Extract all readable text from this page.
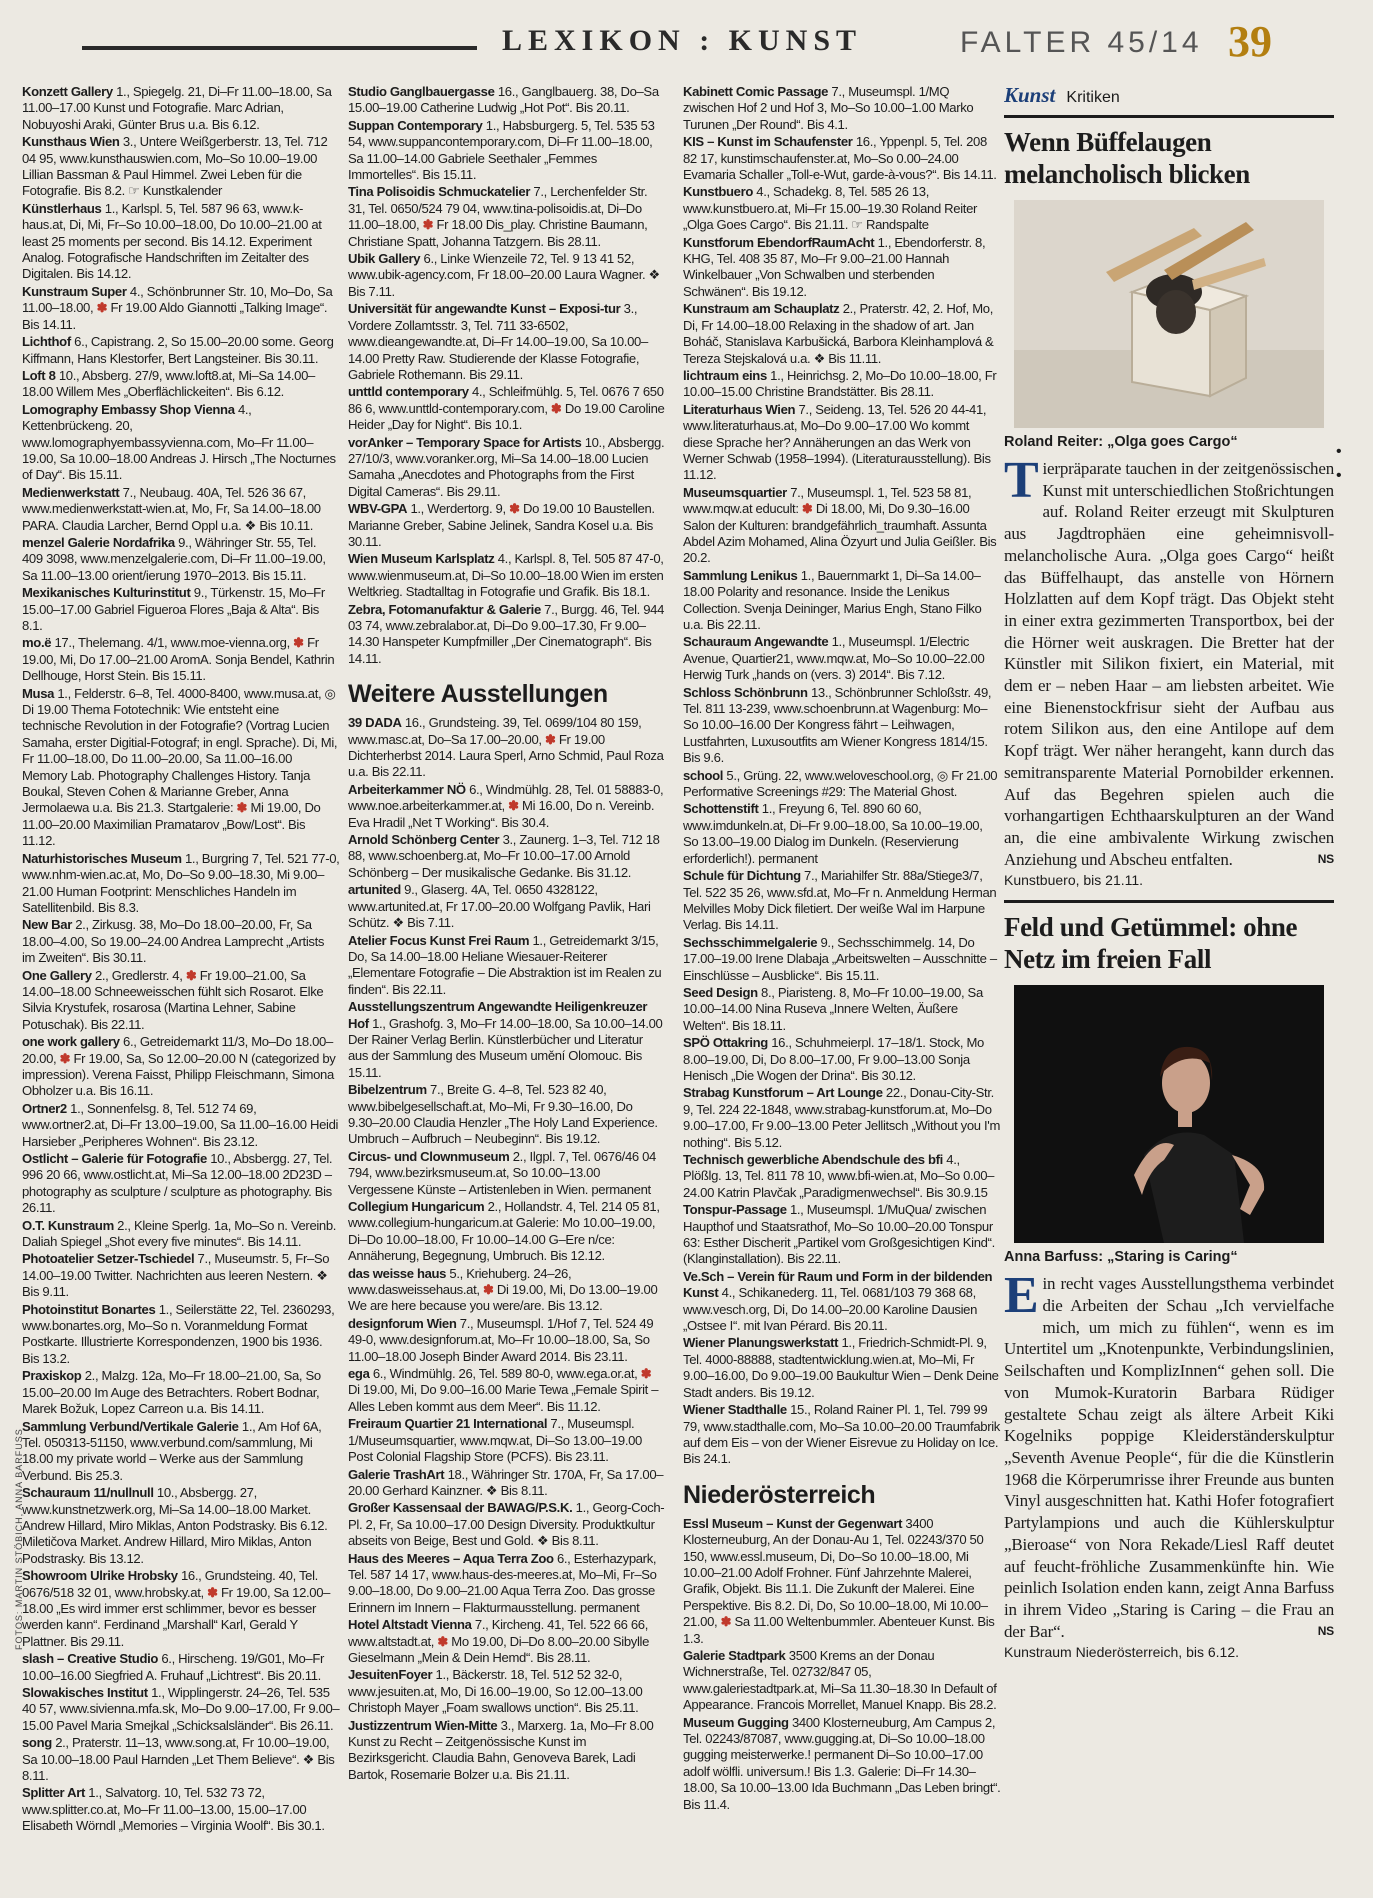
LEXIKON : KUNST	FALTER 45/14 39
Konzett Gallery 1., Spiegelg. 21, Di–Fr 11.00–18.00, Sa 11.00–17.00 Kunst und Fotografie. Marc Adrian, Nobuyoshi Araki, Günter Brus u.a. Bis 6.12.
Kunsthaus Wien 3., Untere Weißgerberstr. 13, Tel. 712 04 95, www.kunsthauswien.com, Mo–So 10.00–19.00 Lillian Bassman & Paul Himmel. Zwei Leben für die Fotografie. Bis 8.2. ☞ Kunstkalender
Künstlerhaus 1., Karlspl. 5, Tel. 587 96 63, www.k-haus.at, Di, Mi, Fr–So 10.00–18.00, Do 10.00–21.00 at least 25 moments per second. Bis 14.12. Experiment Analog. Fotografische Handschriften im Zeitalter des Digitalen. Bis 14.12.
Kunstraum Super 4., Schönbrunner Str. 10, Mo–Do, Sa 11.00–18.00, ✽ Fr 19.00 Aldo Giannotti „Talking Image“. Bis 14.11.
Lichthof 6., Capistrang. 2, So 15.00–20.00 some. Georg Kiffmann, Hans Klestorfer, Bert Langsteiner. Bis 30.11.
Loft 8 10., Absberg. 27/9, www.loft8.at, Mi–Sa 14.00–18.00 Willem Mes „Oberflächlickeiten“. Bis 6.12.
Lomography Embassy Shop Vienna 4., Kettenbrückeng. 20, www.lomographyembassyvienna.com, Mo–Fr 11.00–19.00, Sa 10.00–18.00 Andreas J. Hirsch „The Nocturnes of Day“. Bis 15.11.
Medienwerkstatt 7., Neubaug. 40A, Tel. 526 36 67, www.medienwerkstatt-wien.at, Mo, Fr, Sa 14.00–18.00 PARA. Claudia Larcher, Bernd Oppl u.a. ❖ Bis 10.11.
menzel Galerie Nordafrika 9., Währinger Str. 55, Tel. 409 3098, www.menzelgalerie.com, Di–Fr 11.00–19.00, Sa 11.00–13.00 orient/ierung 1970–2013. Bis 15.11.
Mexikanisches Kulturinstitut 9., Türkenstr. 15, Mo–Fr 15.00–17.00 Gabriel Figueroa Flores „Baja & Alta“. Bis 8.1.
mo.ë 17., Thelemang. 4/1, www.moe-vienna.org, ✽ Fr 19.00, Mi, Do 17.00–21.00 AromA. Sonja Bendel, Kathrin Dellhouge, Horst Stein. Bis 15.11.
Musa 1., Felderstr. 6–8, Tel. 4000-8400, www.musa.at, ◎ Di 19.00 Thema Fototechnik: Wie entsteht eine technische Revolution in der Fotografie? (Vortrag Lucien Samaha, erster Digitial-Fotograf; in engl. Sprache). Di, Mi, Fr 11.00–18.00, Do 11.00–20.00, Sa 11.00–16.00 Memory Lab. Photography Challenges History. Tanja Boukal, Steven Cohen & Marianne Greber, Anna Jermolaewa u.a. Bis 21.3. Startgalerie: ✽ Mi 19.00, Do 11.00–20.00 Maximilian Pramatarov „Bow/Lost“. Bis 11.12.
Naturhistorisches Museum 1., Burgring 7, Tel. 521 77-0, www.nhm-wien.ac.at, Mo, Do–So 9.00–18.30, Mi 9.00–21.00 Human Footprint: Menschliches Handeln im Satellitenbild. Bis 8.3.
New Bar 2., Zirkusg. 38, Mo–Do 18.00–20.00, Fr, Sa 18.00–4.00, So 19.00–24.00 Andrea Lamprecht „Artists im Zweiten“. Bis 30.11.
One Gallery 2., Gredlerstr. 4, ✽ Fr 19.00–21.00, Sa 14.00–18.00 Schneeweisschen fühlt sich Rosarot. Elke Silvia Krystufek, rosarosa (Martina Lehner, Sabine Potuschak). Bis 22.11.
one work gallery 6., Getreidemarkt 11/3, Mo–Do 18.00–20.00, ✽ Fr 19.00, Sa, So 12.00–20.00 N (categorized by impression). Verena Faisst, Philipp Fleischmann, Simona Obholzer u.a. Bis 16.11.
Ortner2 1., Sonnenfelsg. 8, Tel. 512 74 69, www.ortner2.at, Di–Fr 13.00–19.00, Sa 11.00–16.00 Heidi Harsieber „Peripheres Wohnen“. Bis 23.12.
Ostlicht – Galerie für Fotografie 10., Absbergg. 27, Tel. 996 20 66, www.ostlicht.at, Mi–Sa 12.00–18.00 2D23D – photography as sculpture / sculpture as photography. Bis 26.11.
O.T. Kunstraum 2., Kleine Sperlg. 1a, Mo–So n. Vereinb. Daliah Spiegel „Shot every five minutes“. Bis 14.11.
Photoatelier Setzer-Tschiedel 7., Museumstr. 5, Fr–So 14.00–19.00 Twitter. Nachrichten aus leeren Nestern. ❖ Bis 9.11.
Photoinstitut Bonartes 1., Seilerstätte 22, Tel. 2360293, www.bonartes.org, Mo–So n. Voranmeldung Format Postkarte. Illustrierte Korrespondenzen, 1900 bis 1936. Bis 13.2.
Praxiskop 2., Malzg. 12a, Mo–Fr 18.00–21.00, Sa, So 15.00–20.00 Im Auge des Betrachters. Robert Bodnar, Marek Božuk, Lopez Carreon u.a. Bis 14.11.
Sammlung Verbund/Vertikale Galerie 1., Am Hof 6A, Tel. 050313-51150, www.verbund.com/sammlung, Mi 18.00 my private world – Werke aus der Sammlung Verbund. Bis 25.3.
Schauraum 11/nullnull 10., Absbergg. 27, www.kunstnetzwerk.org, Mi–Sa 14.00–18.00 Market. Andrew Hillard, Miro Miklas, Anton Podstrasky. Bis 6.12. Miletičova Market. Andrew Hillard, Miro Miklas, Anton Podstrasky. Bis 13.12.
Showroom Ulrike Hrobsky 16., Grundsteing. 40, Tel. 0676/518 32 01, www.hrobsky.at, ✽ Fr 19.00, Sa 12.00–18.00 „Es wird immer erst schlimmer, bevor es besser werden kann“. Ferdinand „Marshall“ Karl, Gerald Y Plattner. Bis 29.11.
slash – Creative Studio 6., Hirscheng. 19/G01, Mo–Fr 10.00–16.00 Siegfried A. Fruhauf „Lichtrest“. Bis 20.11.
Slowakisches Institut 1., Wipplingerstr. 24–26, Tel. 535 40 57, www.sivienna.mfa.sk, Mo–Do 9.00–17.00, Fr 9.00–15.00 Pavel Maria Smejkal „Schicksalsländer“. Bis 26.11.
song 2., Praterstr. 11–13, www.song.at, Fr 10.00–19.00, Sa 10.00–18.00 Paul Harnden „Let Them Believe“. ❖ Bis 8.11.
Splitter Art 1., Salvatorg. 10, Tel. 532 73 72, www.splitter.co.at, Mo–Fr 11.00–13.00, 15.00–17.00 Elisabeth Wörndl „Memories – Virginia Woolf“. Bis 30.1.
Studio Ganglbauergasse 16., Ganglbauerg. 38, Do–Sa 15.00–19.00 Catherine Ludwig „Hot Pot“. Bis 20.11.
Suppan Contemporary 1., Habsburgerg. 5, Tel. 535 53 54, www.suppancontemporary.com, Di–Fr 11.00–18.00, Sa 11.00–14.00 Gabriele Seethaler „Femmes Immortelles“. Bis 15.11.
Tina Polisoidis Schmuckatelier 7., Lerchenfelder Str. 31, Tel. 0650/524 79 04, www.tina-polisoidis.at, Di–Do 11.00–18.00, ✽ Fr 18.00 Dis_play. Christine Baumann, Christiane Spatt, Johanna Tatzgern. Bis 28.11.
Ubik Gallery 6., Linke Wienzeile 72, Tel. 9 13 41 52, www.ubik-agency.com, Fr 18.00–20.00 Laura Wagner. ❖ Bis 7.11.
Universität für angewandte Kunst – Exposi-tur 3., Vordere Zollamtsstr. 3, Tel. 711 33-6502, www.dieangewandte.at, Di–Fr 14.00–19.00, Sa 10.00–14.00 Pretty Raw. Studierende der Klasse Fotografie, Gabriele Rothemann. Bis 29.11.
unttld contemporary 4., Schleifmühlg. 5, Tel. 0676 7 650 86 6, www.unttld-contemporary.com, ✽ Do 19.00 Caroline Heider „Day for Night“. Bis 10.1.
vorAnker – Temporary Space for Artists 10., Absbergg. 27/10/3, www.voranker.org, Mi–Sa 14.00–18.00 Lucien Samaha „Anecdotes and Photographs from the First Digital Cameras“. Bis 29.11.
WBV-GPA 1., Werdertorg. 9, ✽ Do 19.00 10 Baustellen. Marianne Greber, Sabine Jelinek, Sandra Kosel u.a. Bis 30.11.
Wien Museum Karlsplatz 4., Karlspl. 8, Tel. 505 87 47-0, www.wienmuseum.at, Di–So 10.00–18.00 Wien im ersten Weltkrieg. Stadtalltag in Fotografie und Grafik. Bis 18.1.
Zebra, Fotomanufaktur & Galerie 7., Burgg. 46, Tel. 944 03 74, www.zebralabor.at, Di–Do 9.00–17.30, Fr 9.00–14.30 Hanspeter Kumpfmiller „Der Cinematograph“. Bis 14.11.
Weitere Ausstellungen
39 DADA 16., Grundsteing. 39, Tel. 0699/104 80 159, www.masc.at, Do–Sa 17.00–20.00, ✽ Fr 19.00 Dichterherbst 2014. Laura Sperl, Arno Schmid, Paul Roza u.a. Bis 22.11.
Arbeiterkammer NÖ 6., Windmühlg. 28, Tel. 01 58883-0, www.noe.arbeiterkammer.at, ✽ Mi 16.00, Do n. Vereinb. Eva Hradil „Net T Working“. Bis 30.4.
Arnold Schönberg Center 3., Zaunerg. 1–3, Tel. 712 18 88, www.schoenberg.at, Mo–Fr 10.00–17.00 Arnold Schönberg – Der musikalische Gedanke. Bis 31.12.
artunited 9., Glaserg. 4A, Tel. 0650 4328122, www.artunited.at, Fr 17.00–20.00 Wolfgang Pavlik, Hari Schütz. ❖ Bis 7.11.
Atelier Focus Kunst Frei Raum 1., Getreidemarkt 3/15, Do, Sa 14.00–18.00 Heliane Wiesauer-Reiterer „Elementare Fotografie – Die Abstraktion ist im Realen zu finden“. Bis 22.11.
Ausstellungszentrum Angewandte Heiligenkreuzer Hof 1., Grashofg. 3, Mo–Fr 14.00–18.00, Sa 10.00–14.00 Der Rainer Verlag Berlin. Künstlerbücher und Literatur aus der Sammlung des Museum umění Olomouc. Bis 15.11.
Bibelzentrum 7., Breite G. 4–8, Tel. 523 82 40, www.bibelgesellschaft.at, Mo–Mi, Fr 9.30–16.00, Do 9.30–20.00 Claudia Henzler „The Holy Land Experience. Umbruch – Aufbruch – Neubeginn“. Bis 19.12.
Circus- und Clownmuseum 2., Ilgpl. 7, Tel. 0676/46 04 794, www.bezirksmuseum.at, So 10.00–13.00 Vergessene Künste – Artistenleben in Wien. permanent
Collegium Hungaricum 2., Hollandstr. 4, Tel. 214 05 81, www.collegium-hungaricum.at Galerie: Mo 10.00–19.00, Di–Do 10.00–18.00, Fr 10.00–14.00 G–Ere n/ce: Annäherung, Begegnung, Umbruch. Bis 12.12.
das weisse haus 5., Kriehuberg. 24–26, www.dasweissehaus.at, ✽ Di 19.00, Mi, Do 13.00–19.00 We are here because you were/are. Bis 13.12.
designforum Wien 7., Museumspl. 1/Hof 7, Tel. 524 49 49-0, www.designforum.at, Mo–Fr 10.00–18.00, Sa, So 11.00–18.00 Joseph Binder Award 2014. Bis 23.11.
ega 6., Windmühlg. 26, Tel. 589 80-0, www.ega.or.at, ✽ Di 19.00, Mi, Do 9.00–16.00 Marie Tewa „Female Spirit – Alles Leben kommt aus dem Meer“. Bis 11.12.
Freiraum Quartier 21 International 7., Museumspl. 1/Museumsquartier, www.mqw.at, Di–So 13.00–19.00 Post Colonial Flagship Store (PCFS). Bis 23.11.
Galerie TrashArt 18., Währinger Str. 170A, Fr, Sa 17.00–20.00 Gerhard Kainzner. ❖ Bis 8.11.
Großer Kassensaal der BAWAG/P.S.K. 1., Georg-Coch-Pl. 2, Fr, Sa 10.00–17.00 Design Diversity. Produktkultur abseits von Beige, Best und Gold. ❖ Bis 8.11.
Haus des Meeres – Aqua Terra Zoo 6., Esterhazypark, Tel. 587 14 17, www.haus-des-meeres.at, Mo–Mi, Fr–So 9.00–18.00, Do 9.00–21.00 Aqua Terra Zoo. Das grosse Erinnern im Innern – Flakturmausstellung. permanent
Hotel Altstadt Vienna 7., Kircheng. 41, Tel. 522 66 66, www.altstadt.at, ✽ Mo 19.00, Di–Do 8.00–20.00 Sibylle Gieselmann „Mein & Dein Hemd“. Bis 28.11.
JesuitenFoyer 1., Bäckerstr. 18, Tel. 512 52 32-0, www.jesuiten.at, Mo, Di 16.00–19.00, So 12.00–13.00 Christoph Mayer „Foam swallows unction“. Bis 25.11.
Justizzentrum Wien-Mitte 3., Marxerg. 1a, Mo–Fr 8.00 Kunst zu Recht – Zeitgenössische Kunst im Bezirksgericht. Claudia Bahn, Genoveva Barek, Ladi Bartok, Rosemarie Bolzer u.a. Bis 21.11.
Kabinett Comic Passage 7., Museumspl. 1/MQ zwischen Hof 2 und Hof 3, Mo–So 10.00–1.00 Marko Turunen „Der Round“. Bis 4.1.
KIS – Kunst im Schaufenster 16., Yppenpl. 5, Tel. 208 82 17, kunstimschaufenster.at, Mo–So 0.00–24.00 Evamaria Schaller „Toll-e-Wut, garde-à-vous?“. Bis 14.11.
Kunstbuero 4., Schadekg. 8, Tel. 585 26 13, www.kunstbuero.at, Mi–Fr 15.00–19.30 Roland Reiter „Olga Goes Cargo“. Bis 21.11. ☞ Randspalte
Kunstforum EbendorfRaumAcht 1., Ebendorferstr. 8, KHG, Tel. 408 35 87, Mo–Fr 9.00–21.00 Hannah Winkelbauer „Von Schwalben und sterbenden Schwänen“. Bis 19.12.
Kunstraum am Schauplatz 2., Praterstr. 42, 2. Hof, Mo, Di, Fr 14.00–18.00 Relaxing in the shadow of art. Jan Boháč, Stanislava Karbušická, Barbora Kleinhamplová & Tereza Stejskalová u.a. ❖ Bis 11.11.
lichtraum eins 1., Heinrichsg. 2, Mo–Do 10.00–18.00, Fr 10.00–15.00 Christine Brandstätter. Bis 28.11.
Literaturhaus Wien 7., Seideng. 13, Tel. 526 20 44-41, www.literaturhaus.at, Mo–Do 9.00–17.00 Wo kommt diese Sprache her? Annäherungen an das Werk von Werner Schwab (1958–1994). (Literaturausstellung). Bis 11.12.
Museumsquartier 7., Museumspl. 1, Tel. 523 58 81, www.mqw.at educult: ✽ Di 18.00, Mi, Do 9.30–16.00 Salon der Kulturen: brandgefährlich_traumhaft. Assunta Abdel Azim Mohamed, Alina Özyurt und Julia Geißler. Bis 20.2.
Sammlung Lenikus 1., Bauernmarkt 1, Di–Sa 14.00–18.00 Polarity and resonance. Inside the Lenikus Collection. Svenja Deininger, Marius Engh, Stano Filko u.a. Bis 22.11.
Schauraum Angewandte 1., Museumspl. 1/Electric Avenue, Quartier21, www.mqw.at, Mo–So 10.00–22.00 Herwig Turk „hands on (vers. 3) 2014“. Bis 7.12.
Schloss Schönbrunn 13., Schönbrunner Schloßstr. 49, Tel. 811 13-239, www.schoenbrunn.at Wagenburg: Mo–So 10.00–16.00 Der Kongress fährt – Leihwagen, Lustfahrten, Luxusoutfits am Wiener Kongress 1814/15. Bis 9.6.
school 5., Grüng. 22, www.weloveschool.org, ◎ Fr 21.00 Performative Screenings #29: The Material Ghost.
Schottenstift 1., Freyung 6, Tel. 890 60 60, www.imdunkeln.at, Di–Fr 9.00–18.00, Sa 10.00–19.00, So 13.00–19.00 Dialog im Dunkeln. (Reservierung erforderlich!). permanent
Schule für Dichtung 7., Mariahilfer Str. 88a/Stiege3/7, Tel. 522 35 26, www.sfd.at, Mo–Fr n. Anmeldung Herman Melvilles Moby Dick filetiert. Der weiße Wal im Harpune Verlag. Bis 14.11.
Sechsschimmelgalerie 9., Sechsschimmelg. 14, Do 17.00–19.00 Irene Dlabaja „Arbeitswelten – Ausschnitte – Einschlüsse – Ausblicke“. Bis 15.11.
Seed Design 8., Piaristeng. 8, Mo–Fr 10.00–19.00, Sa 10.00–14.00 Nina Ruseva „Innere Welten, Äußere Welten“. Bis 18.11.
SPÖ Ottakring 16., Schuhmeierpl. 17–18/1. Stock, Mo 8.00–19.00, Di, Do 8.00–17.00, Fr 9.00–13.00 Sonja Henisch „Die Wogen der Drina“. Bis 30.12.
Strabag Kunstforum – Art Lounge 22., Donau-City-Str. 9, Tel. 224 22-1848, www.strabag-kunstforum.at, Mo–Do 9.00–17.00, Fr 9.00–13.00 Peter Jellitsch „Without you I'm nothing“. Bis 5.12.
Technisch gewerbliche Abendschule des bfi 4., Plößlg. 13, Tel. 811 78 10, www.bfi-wien.at, Mo–So 0.00–24.00 Katrin Plavčak „Paradigmenwechsel“. Bis 30.9.15
Tonspur-Passage 1., Museumspl. 1/MuQua/ zwischen Haupthof und Staatsrathof, Mo–So 10.00–20.00 Tonspur 63: Esther Discherit „Partikel vom Großgesichtigen Kind“. (Klanginstallation). Bis 22.11.
Ve.Sch – Verein für Raum und Form in der bildenden Kunst 4., Schikanederg. 11, Tel. 0681/103 79 368 68, www.vesch.org, Di, Do 14.00–20.00 Karoline Dausien „Ostsee I“. mit Ivan Pérard. Bis 20.11.
Wiener Planungswerkstatt 1., Friedrich-Schmidt-Pl. 9, Tel. 4000-88888, stadtentwicklung.wien.at, Mo–Mi, Fr 9.00–16.00, Do 9.00–19.00 Baukultur Wien – Denk Deine Stadt anders. Bis 19.12.
Wiener Stadthalle 15., Roland Rainer Pl. 1, Tel. 799 99 79, www.stadthalle.com, Mo–Sa 10.00–20.00 Traumfabrik auf dem Eis – von der Wiener Eisrevue zu Holiday on Ice. Bis 24.1.
Niederösterreich
Essl Museum – Kunst der Gegenwart 3400 Klosterneuburg, An der Donau-Au 1, Tel. 02243/370 50 150, www.essl.museum, Di, Do–So 10.00–18.00, Mi 10.00–21.00 Adolf Frohner. Fünf Jahrzehnte Malerei, Grafik, Objekt. Bis 11.1. Die Zukunft der Malerei. Eine Perspektive. Bis 8.2. Di, Do, So 10.00–18.00, Mi 10.00–21.00, ✽ Sa 11.00 Weltenbummler. Abenteuer Kunst. Bis 1.3.
Galerie Stadtpark 3500 Krems an der Donau Wichnerstraße, Tel. 02732/847 05, www.galeriestadtpark.at, Mi–Sa 11.30–18.30 In Default of Appearance. Francois Morrellet, Manuel Knapp. Bis 28.2.
Museum Gugging 3400 Klosterneuburg, Am Campus 2, Tel. 02243/87087, www.gugging.at, Di–So 10.00–18.00 gugging meisterwerke.! permanent Di–So 10.00–17.00 adolf wölfli. universum.! Bis 1.3. Galerie: Di–Fr 14.30–18.00, Sa 10.00–13.00 Ida Buchmann „Das Leben bringt“. Bis 11.4.
FOTOS: MARTIN STÖBICH, ANNA BARFUSS
Kunst Kritiken
Wenn Büffelaugen melancholisch blicken
Roland Reiter: „Olga goes Cargo“
Tierpräparate tauchen in der zeitgenössischen Kunst mit unterschiedlichen Stoßrichtungen auf. Roland Reiter erzeugt mit Skulpturen aus Jagdtrophäen eine geheimnisvoll-melancholische Aura. „Olga goes Cargo“ heißt das Büffelhaupt, das anstelle von Hörnern Holzlatten auf dem Kopf trägt. Das Objekt steht in einer extra gezimmerten Transportbox, bei der die Hörner weit auskragen. Die Bretter hat der Künstler mit Silikon fixiert, ein Material, mit dem er – neben Haar – am liebsten arbeitet. Wie eine Bienenstockfrisur sieht der Aufbau aus rotem Silikon aus, den eine Antilope auf dem Kopf trägt. Wer näher herangeht, kann durch das semitransparente Material Pornobilder erkennen. Auf das Begehren spielen auch die vorhangartigen Echthaarskulpturen an der Wand an, die eine ambivalente Wirkung zwischen Anziehung und Abscheu entfalten.	NS
Kunstbuero, bis 21.11.
Feld und Getümmel: ohne Netz im freien Fall
Anna Barfuss: „Staring is Caring“
Ein recht vages Ausstellungsthema verbindet die Arbeiten der Schau „Ich vervielfache mich, um mich zu fühlen“, wenn es im Untertitel um „Knotenpunkte, Verbindungslinien, Seilschaften und KomplizInnen“ gehen soll. Die von Mumok-Kuratorin Barbara Rüdiger gestaltete Schau zeigt als ältere Arbeit Kiki Kogelniks poppige Kleiderständerskulptur „Seventh Avenue People“, für die die Künstlerin 1968 die Körperumrisse ihrer Freunde aus bunten Vinyl ausgeschnitten hat. Kathi Hofer fotografiert Partylampions und auch die Kühlerskulptur „Bieroase“ von Nora Rekade/Liesl Raff deutet auf feucht-fröhliche Zusammenkünfte hin. Wie peinlich Isolation enden kann, zeigt Anna Barfuss in ihrem Video „Staring is Caring – die Frau an der Bar“.	NS
Kunstraum Niederösterreich, bis 6.12.
•
•
